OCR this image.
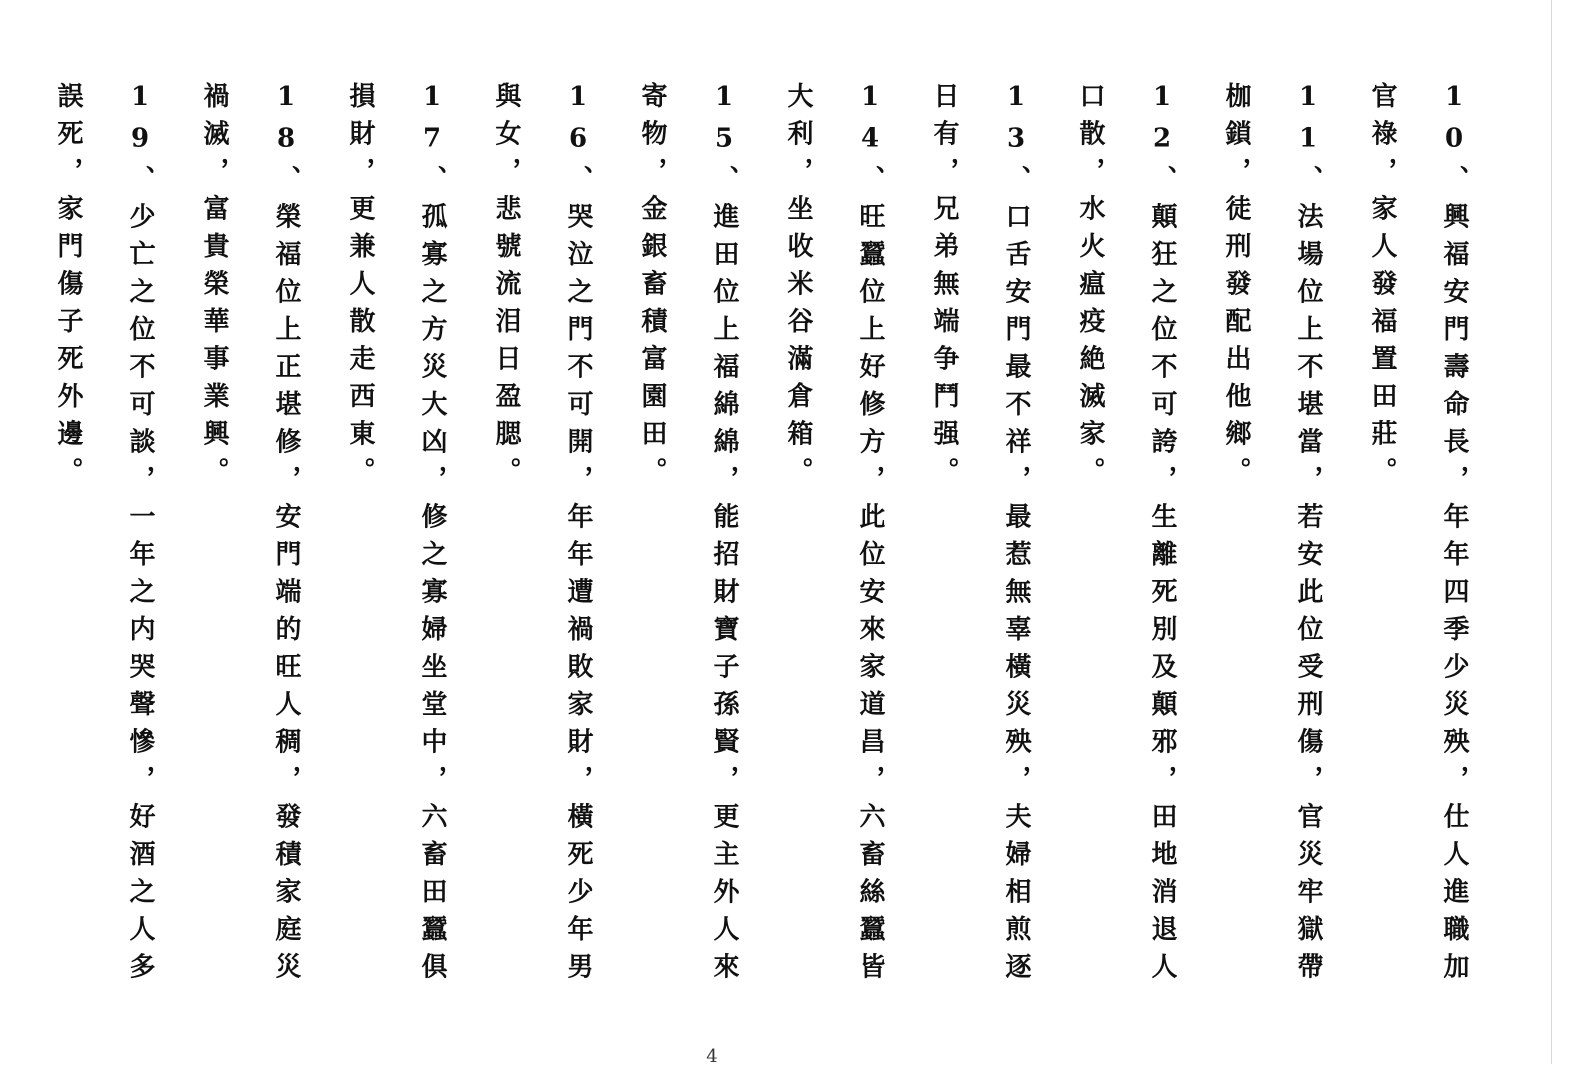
10、興福安門壽命長，年年四季少災殃，仕人進職加
官祿，家人發福置田莊。
11、法場位上不堪當，若安此位受刑傷，官災牢獄帶
枷鎖，徒刑發配出他鄉。
12、顛狂之位不可誇，生離死別及顛邪，田地消退人
口散，水火瘟疫絶滅家。
13、口舌安門最不祥，最惹無辜橫災殃，夫婦相煎逐
日有，兄弟無端争鬥强。
14、旺蠶位上好修方，此位安來家道昌，六畜絲蠶皆
大利，坐收米谷滿倉箱。
15、進田位上福綿綿，能招財寶子孫賢，更主外人來
寄物，金銀畜積富園田。
16、哭泣之門不可開，年年遭禍敗家財，橫死少年男
與女，悲號流泪日盈腮。
17、孤寡之方災大凶，修之寡婦坐堂中，六畜田蠶俱
損財，更兼人散走西東。
18、榮福位上正堪修，安門端的旺人稠，發積家庭災
禍滅，富貴榮華事業興。
19、少亡之位不可談，一年之内哭聲慘，好酒之人多
誤死，家門傷子死外邊。
4
